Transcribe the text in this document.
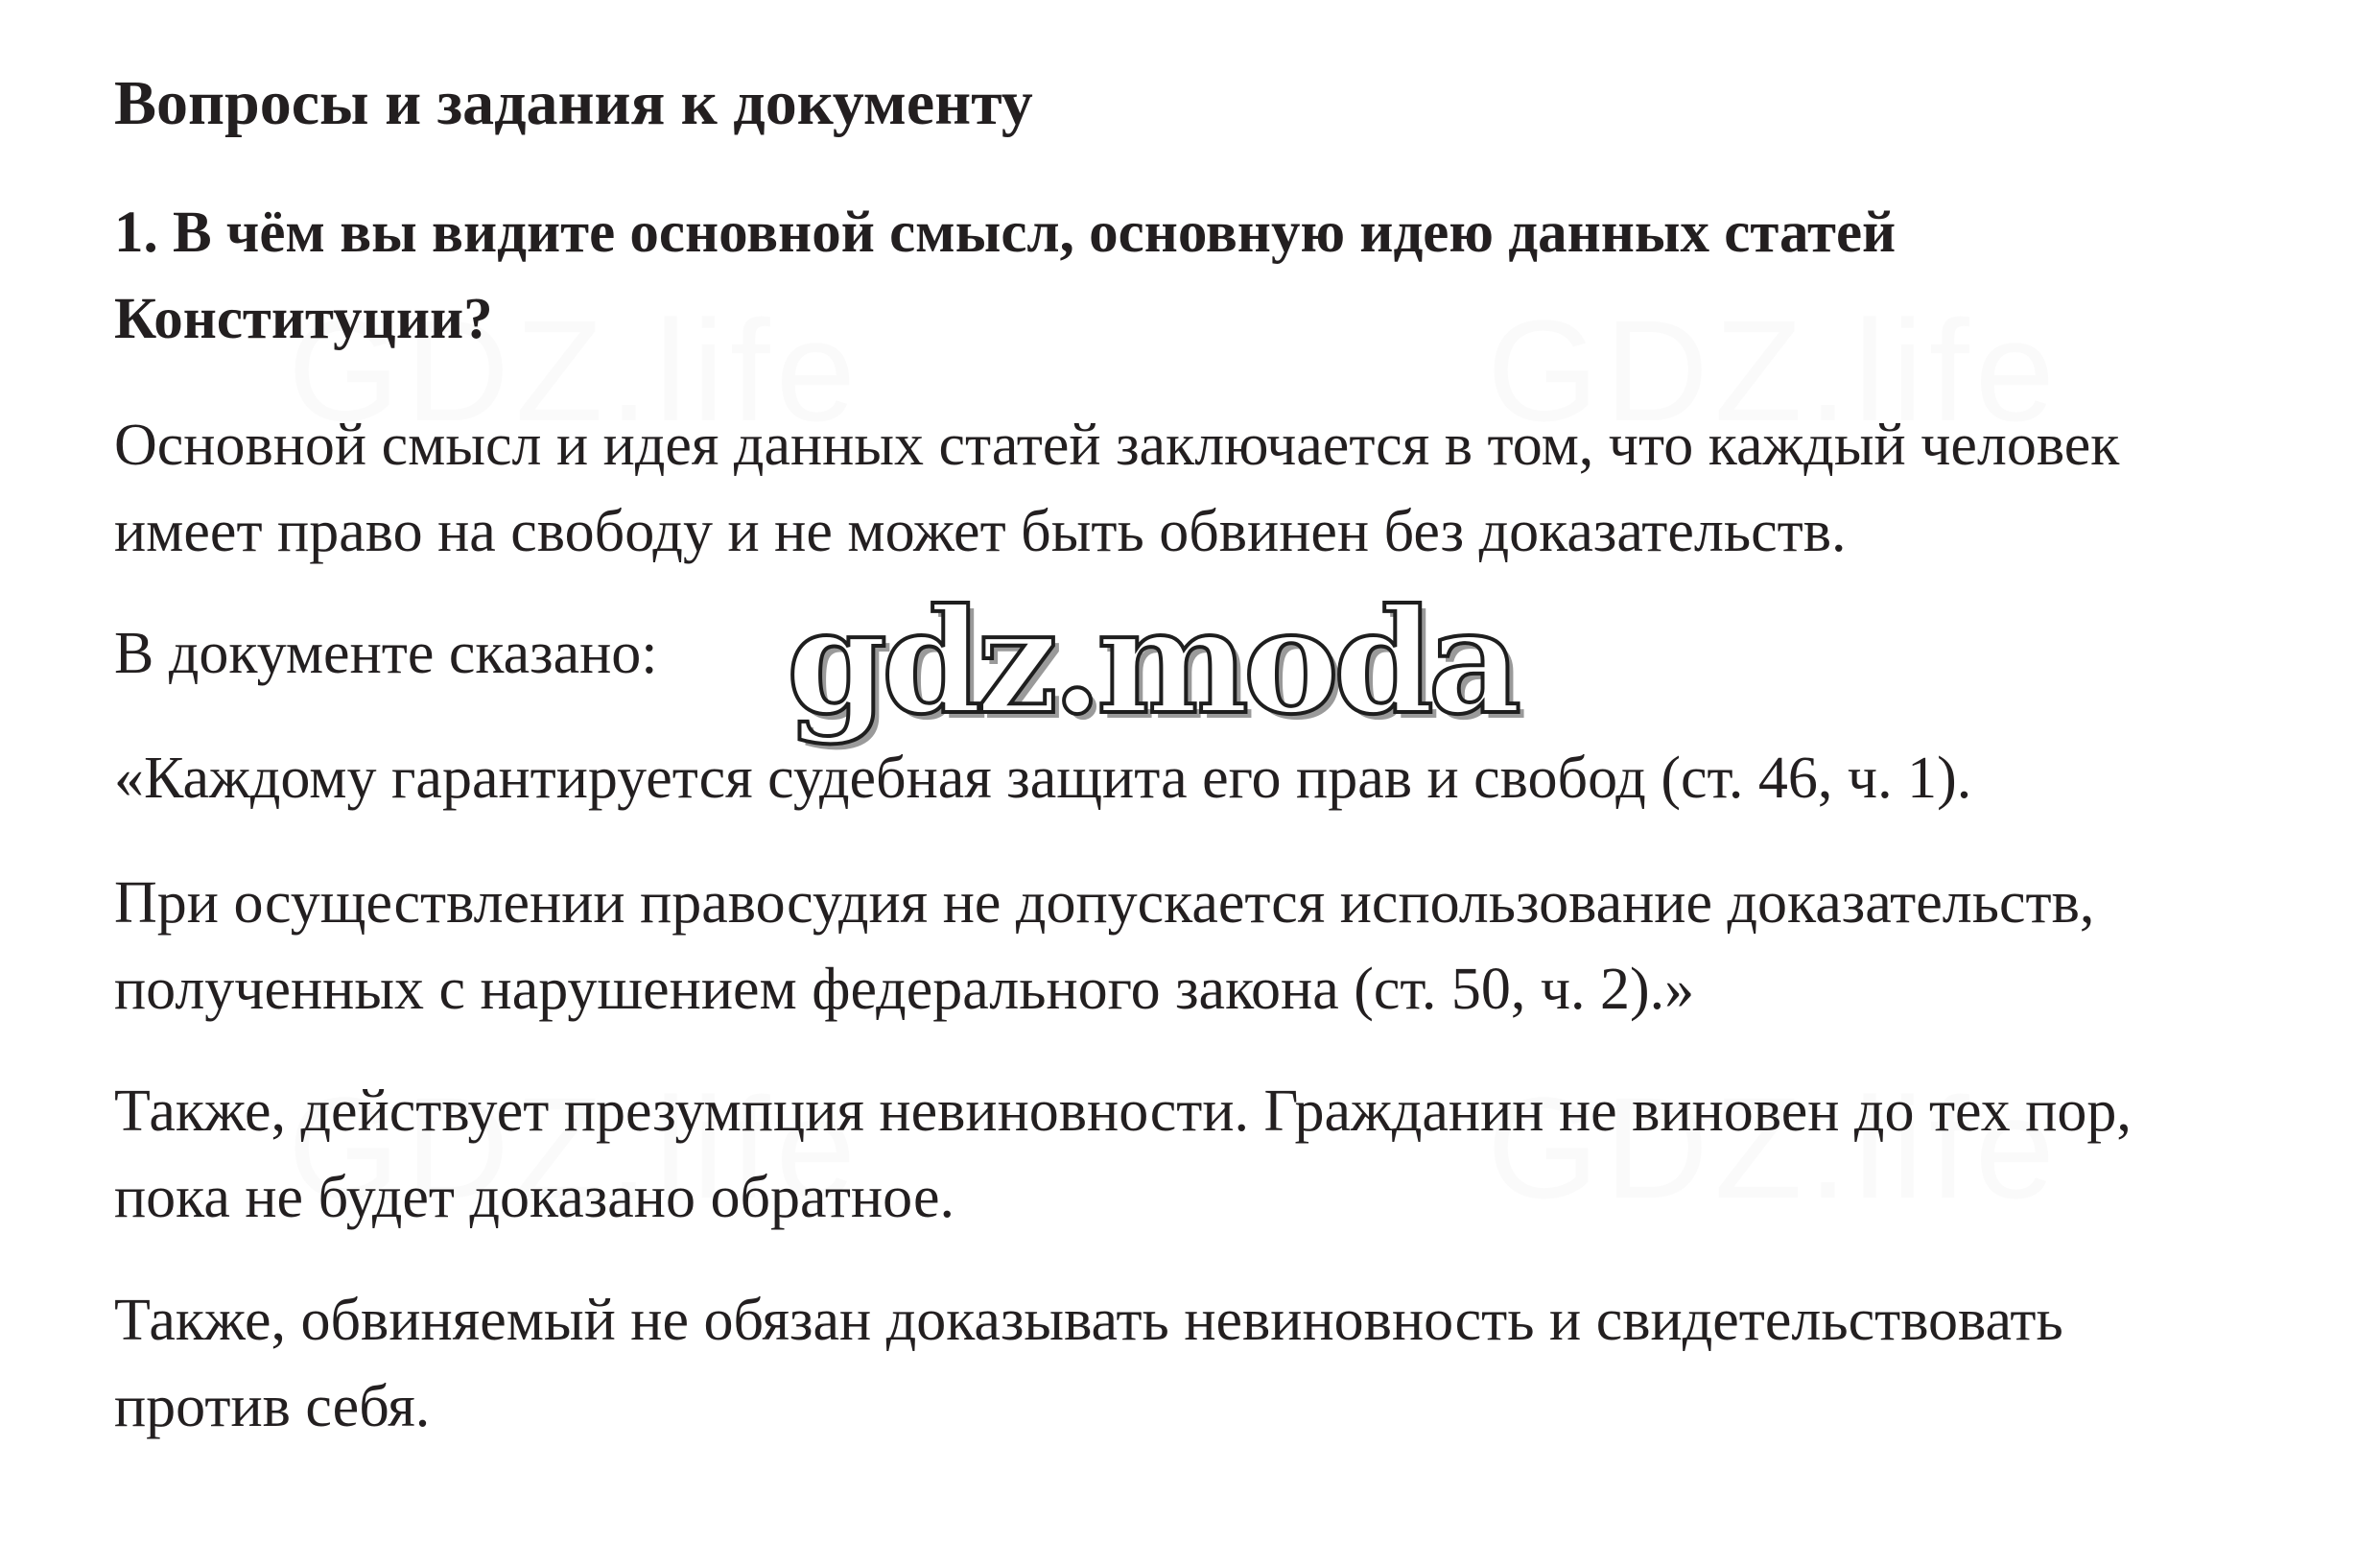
Вопросы и задания к документу

1. В чём вы видите основной смысл, основную идею данных статей
Конституции?

Основной смысл и идея данных статей заключается в том, что каждый человек
имеет право на свободу и не может быть обвинен без доказательств.

В документе сказано:

«Каждому гарантируется судебная защита его прав и свобод (ст. 46, ч. 1).

При осуществлении правосудия не допускается использование доказательств,
полученных с нарушением федерального закона (ст. 50, ч. 2).»

Также, действует презумпция невиновности. Гражданин не виновен до тех пор,
пока не будет доказано обратное.

Также, обвиняемый не обязан доказывать невиновность и свидетельствовать
против себя.

gdz.moda
